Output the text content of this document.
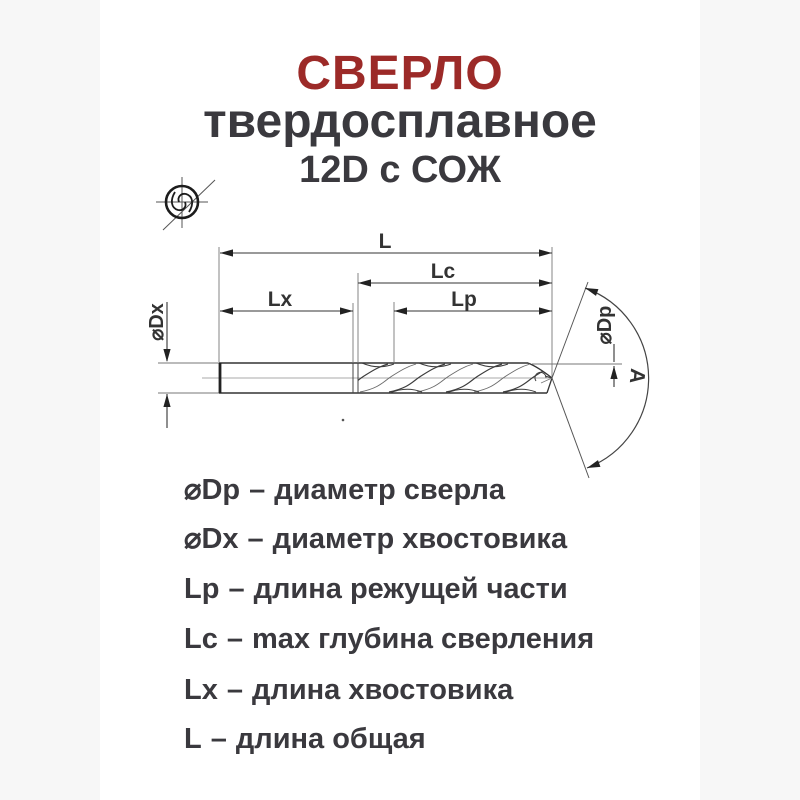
СВЕРЛО
твердосплавное
12D с СОЖ
L
Lc
Lx	Lp
⌀Dx	⌀Dp
A
⌀Dp – диаметр сверла
⌀Dx – диаметр хвостовика
Lp – длина режущей части
Lc – max глубина сверления
Lx – длина хвостовика
L – длина общая
